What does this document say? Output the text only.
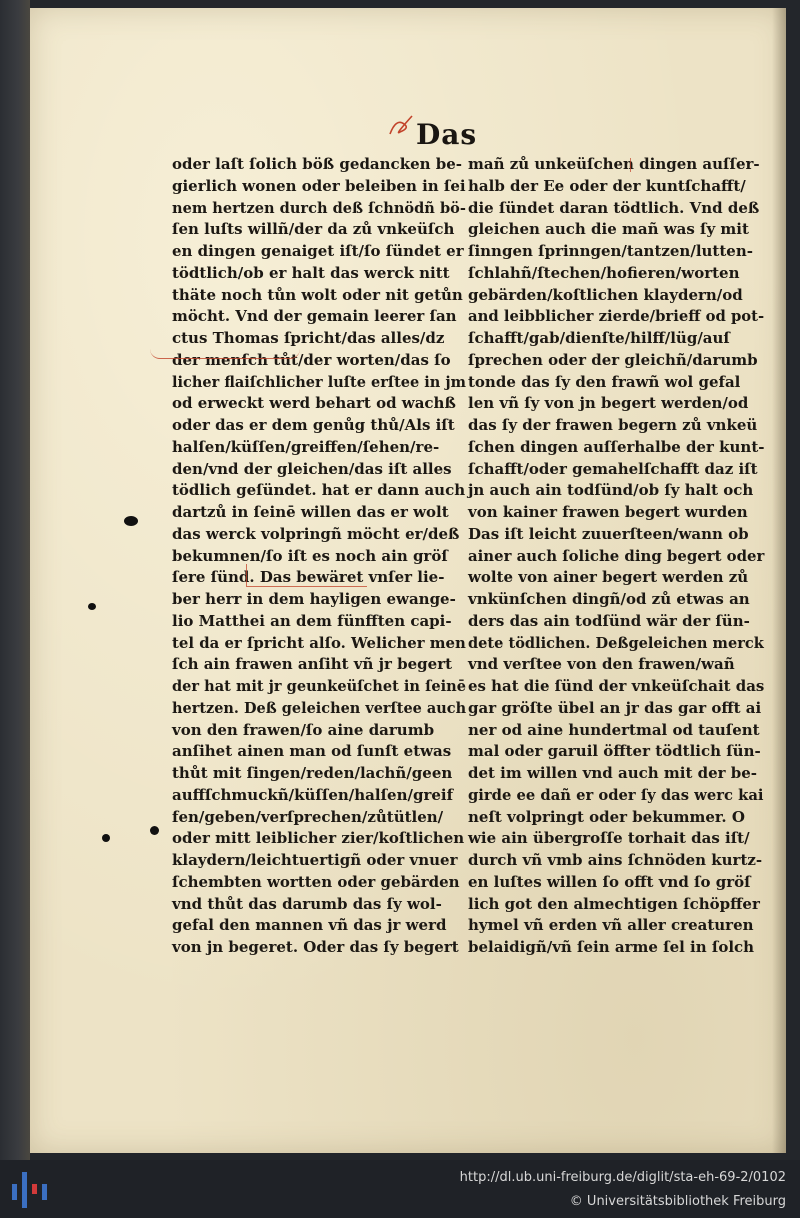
Das
oder laſt ſolich böß gedancken be-
gierlich wonen oder beleiben in ſei
nem hertzen durch deß ſchnödñ bö-
ſen luſts willñ/der da zů vnkeüſch
en dingen genaiget iſt/ſo ſündet er
tödtlich/ob er halt das werck nitt
thäte noch tůn wolt oder nit getůn
möcht. Vnd der gemain leerer ſan
ctus Thomas ſpricht/das alles/dz
der menſch tůt/der worten/das ſo
licher flaiſchlicher luſte erſtee in jm
od erweckt werd behart od wachß
oder das er dem genůg thů/Als iſt
halſen/küſſen/greiffen/ſehen/re-
den/vnd der gleichen/das iſt alles
tödlich geſündet. hat er dann auch
dartzů in ſeinē willen das er wolt
das werck volpringñ möcht er/deß
bekumnen/ſo iſt es noch ain gröſ
ſere ſünd. Das bewäret vnſer lie-
ber herr in dem hayligen ewange-
lio Matthei an dem fünfften capi-
tel da er ſpricht alſo. Welicher men
ſch ain frawen anſiht vñ jr begert
der hat mit jr geunkeüſchet in ſeinē
hertzen. Deß geleichen verſtee auch
von den frawen/ſo aine darumb
anſihet ainen man od ſunſt etwas
thůt mit ſingen/reden/lachñ/geen
auffſchmuckñ/küſſen/halſen/greif
fen/geben/verſprechen/zůtütlen/
oder mitt leiblicher zier/koſtlichen
klaydern/leichtuertigñ oder vnuer
ſchembten wortten oder gebärden
vnd thůt das darumb das ſy wol-
gefal den mannen vñ das jr werd
von jn begeret. Oder das ſy begert
mañ zů unkeüſchen dingen auſſer-
halb der Ee oder der kuntſchafft/
die ſündet daran tödtlich. Vnd deß
gleichen auch die mañ was ſy mit
ſinngen ſprinngen/tantzen/lutten-
ſchlahñ/ſtechen/hofieren/worten
gebärden/koſtlichen klaydern/od
and leibblicher zierde/brieff od pot-
ſchafft/gab/dienſte/hilff/lüg/auſ
ſprechen oder der gleichñ/darumb
tonde das ſy den frawñ wol gefal
len vñ ſy von jn begert werden/od
das ſy der frawen begern zů vnkeü
ſchen dingen auſſerhalbe der kunt-
ſchafft/oder gemahelſchafft daz iſt
jn auch ain todſünd/ob ſy halt och
von kainer frawen begert wurden
Das iſt leicht zuuerſteen/wann ob
ainer auch ſoliche ding begert oder
wolte von ainer begert werden zů
vnkünſchen dingñ/od zů etwas an
ders das ain todſünd wär der ſün-
dete tödlichen. Deßgeleichen merck
vnd verſtee von den frawen/wañ
es hat die ſünd der vnkeüſchait das
gar gröſte übel an jr das gar offt ai
ner od aine hundertmal od tauſent
mal oder garuil öffter tödtlich ſün-
det im willen vnd auch mit der be-
girde ee dañ er oder ſy das werc kai
neſt volpringt oder bekummer. O
wie ain übergroſſe torhait das iſt/
durch vñ vmb ains ſchnöden kurtz-
en luſtes willen ſo offt vnd ſo gröſ
lich got den almechtigen ſchöpffer
hymel vñ erden vñ aller creaturen
belaidigñ/vñ ſein arme ſel in ſolch
http://dl.ub.uni-freiburg.de/diglit/sta-eh-69-2/0102
© Universitätsbibliothek Freiburg
